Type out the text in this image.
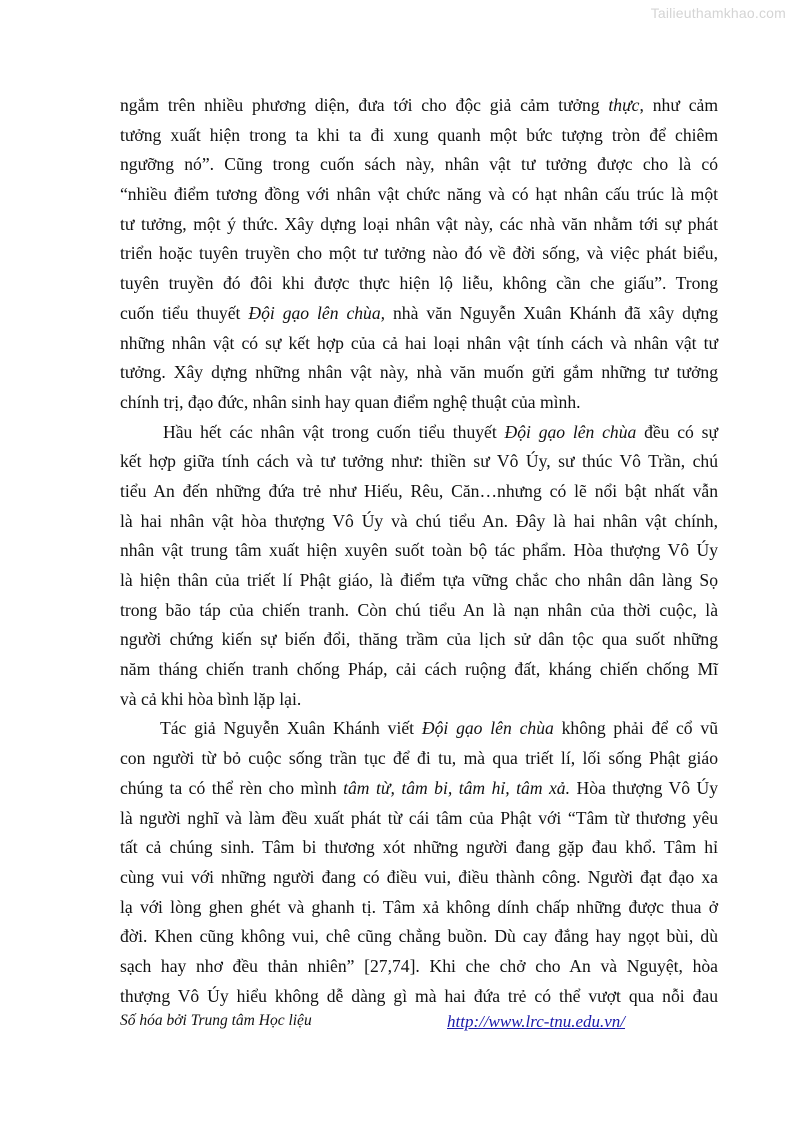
Tailieuthamkhao.com
ngắm trên nhiều phương diện, đưa tới cho độc giả cảm tưởng thực, như cảm
tưởng xuất hiện trong ta khi ta đi xung quanh một bức tượng tròn để chiêm
ngưỡng nó”. Cũng trong cuốn sách này, nhân vật tư tưởng được cho là có
“nhiều điểm tương đồng với nhân vật chức năng và có hạt nhân cấu trúc là một
tư tưởng, một ý thức. Xây dựng loại nhân vật này, các nhà văn nhằm tới sự phát
triển hoặc tuyên truyền cho một tư tưởng nào đó về đời sống, và việc phát biểu,
tuyên truyền đó đôi khi được thực hiện lộ liễu, không cần che giấu”. Trong
cuốn tiểu thuyết Đội gạo lên chùa, nhà văn Nguyễn Xuân Khánh đã xây dựng
những nhân vật có sự kết hợp của cả hai loại nhân vật tính cách và nhân vật tư
tưởng. Xây dựng những nhân vật này, nhà văn muốn gửi gắm những tư tưởng
chính trị, đạo đức, nhân sinh hay quan điểm nghệ thuật của mình.
Hầu hết các nhân vật trong cuốn tiểu thuyết Đội gạo lên chùa đều có sự
kết hợp giữa tính cách và tư tưởng như: thiền sư Vô Úy, sư thúc Vô Trần, chú
tiểu An đến những đứa trẻ như Hiếu, Rêu, Căn…nhưng có lẽ nổi bật nhất vẫn
là hai nhân vật hòa thượng Vô Úy và chú tiểu An. Đây là hai nhân vật chính,
nhân vật trung tâm xuất hiện xuyên suốt toàn bộ tác phẩm. Hòa thượng Vô Úy
là hiện thân của triết lí Phật giáo, là điểm tựa vững chắc cho nhân dân làng Sọ
trong bão táp của chiến tranh. Còn chú tiểu An là nạn nhân của thời cuộc, là
người chứng kiến sự biến đổi, thăng trầm của lịch sử dân tộc qua suốt những
năm tháng chiến tranh chống Pháp, cải cách ruộng đất, kháng chiến chống Mĩ
và cả khi hòa bình lặp lại.
Tác giả Nguyễn Xuân Khánh viết Đội gạo lên chùa không phải để cổ vũ
con người từ bỏ cuộc sống trần tục để đi tu, mà qua triết lí, lối sống Phật giáo
chúng ta có thể rèn cho mình tâm từ, tâm bi, tâm hỉ, tâm xả. Hòa thượng Vô Úy
là người nghĩ và làm đều xuất phát từ cái tâm của Phật với “Tâm từ thương yêu
tất cả chúng sinh. Tâm bi thương xót những người đang gặp đau khổ. Tâm hỉ
cùng vui với những người đang có điều vui, điều thành công. Người đạt đạo xa
lạ với lòng ghen ghét và ghanh tị. Tâm xả không dính chấp những được thua ở
đời. Khen cũng không vui, chê cũng chẳng buồn. Dù cay đắng hay ngọt bùi, dù
sạch hay nhơ đều thản nhiên” [27,74]. Khi che chở cho An và Nguyệt, hòa
thượng Vô Úy hiểu không dễ dàng gì mà hai đứa trẻ có thể vượt qua nỗi đau
Số hóa bởi Trung tâm Học liệu	http://www.lrc-tnu.edu.vn/
